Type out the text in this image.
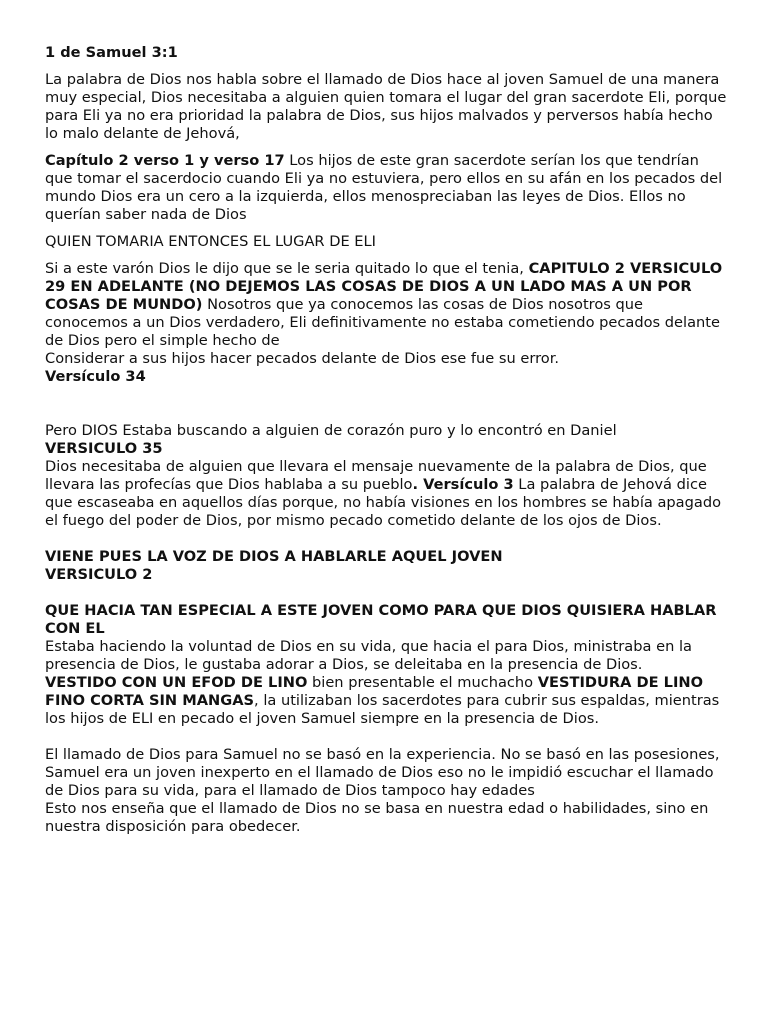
1 de Samuel 3:1

La palabra de Dios nos habla sobre el llamado de Dios hace al joven Samuel de una manera muy especial, Dios necesitaba a alguien quien tomara el lugar del gran sacerdote Eli, porque para Eli ya no era prioridad la palabra de Dios, sus hijos malvados y perversos había hecho lo malo delante de Jehová,

Capítulo 2 verso 1 y verso 17 Los hijos de este gran sacerdote serían los que tendrían que tomar el sacerdocio cuando Eli ya no estuviera, pero ellos en su afán en los pecados del mundo Dios era un cero a la izquierda, ellos menospreciaban las leyes de Dios. Ellos no querían saber nada de Dios

QUIEN TOMARIA ENTONCES EL LUGAR DE ELI

Si a este varón Dios le dijo que se le seria quitado lo que el tenia, CAPITULO 2 VERSICULO 29 EN ADELANTE (NO DEJEMOS LAS COSAS DE DIOS A UN LADO MAS A UN POR COSAS DE MUNDO) Nosotros que ya conocemos las cosas de Dios nosotros que conocemos a un Dios verdadero, Eli definitivamente no estaba cometiendo pecados delante de Dios pero el simple hecho de

Considerar a sus hijos hacer pecados delante de Dios ese fue su error.

Versículo 34

Pero DIOS Estaba buscando a alguien de corazón puro y lo encontró en Daniel

VERSICULO 35

Dios necesitaba de alguien que llevara el mensaje nuevamente de la palabra de Dios, que llevara las profecías que Dios hablaba a su pueblo. Versículo 3 La palabra de Jehová dice que escaseaba en aquellos días porque, no había visiones en los hombres se había apagado el fuego del poder de Dios, por mismo pecado cometido delante de los ojos de Dios.

VIENE PUES LA VOZ DE DIOS A HABLARLE AQUEL JOVEN

VERSICULO 2

QUE HACIA TAN ESPECIAL A ESTE JOVEN COMO PARA QUE DIOS QUISIERA HABLAR CON EL

Estaba haciendo la voluntad de Dios en su vida, que hacia el para Dios, ministraba en la presencia de Dios, le gustaba adorar a Dios, se deleitaba en la presencia de Dios.

VESTIDO CON UN EFOD DE LINO bien presentable el muchacho VESTIDURA DE LINO FINO CORTA SIN MANGAS, la utilizaban los sacerdotes para cubrir sus espaldas, mientras los hijos de ELI en pecado el joven Samuel siempre en la presencia de Dios.

El llamado de Dios para Samuel no se basó en la experiencia. No se basó en las posesiones,

Samuel era un joven inexperto en el llamado de Dios eso no le impidió escuchar el llamado de Dios para su vida, para el llamado de Dios tampoco hay edades

Esto nos enseña que el llamado de Dios no se basa en nuestra edad o habilidades, sino en nuestra disposición para obedecer.
